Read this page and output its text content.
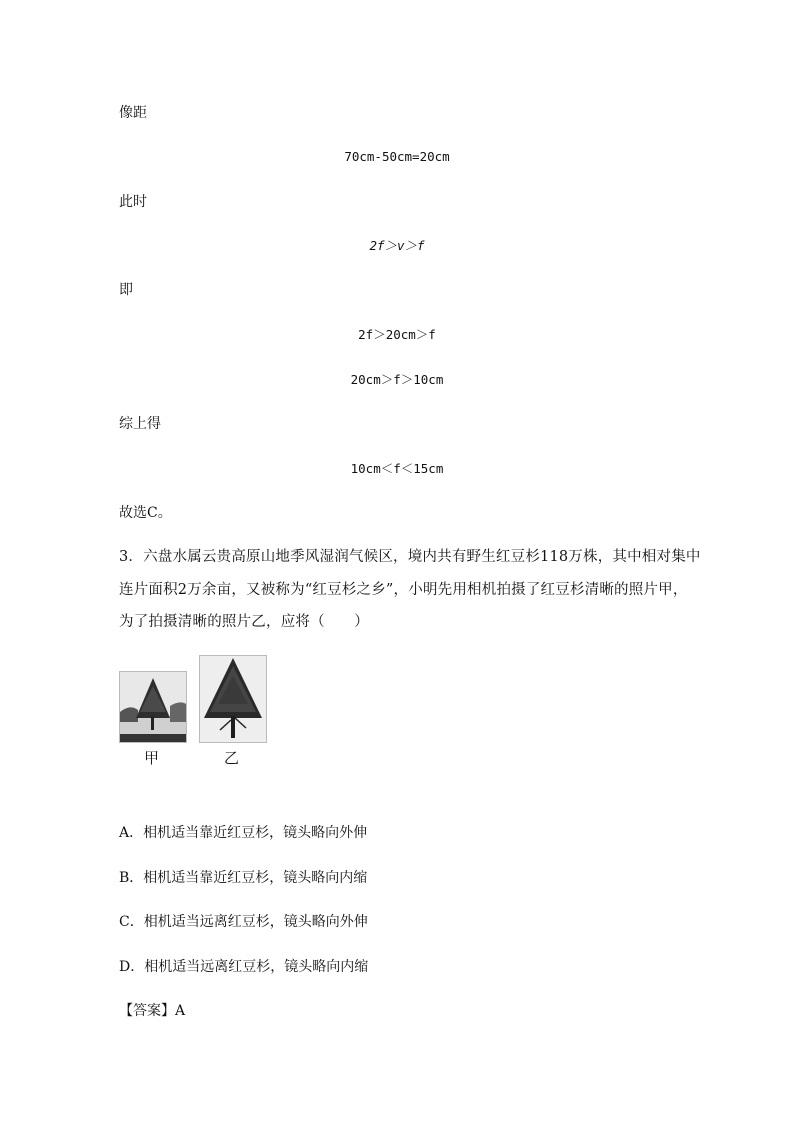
像距
70cm-50cm=20cm
此时
2f＞v＞f
即
2f＞20cm＞f
20cm＞f＞10cm
综上得
10cm＜f＜15cm
故选C。
3．六盘水属云贵高原山地季风湿润气候区，境内共有野生红豆杉118万株，其中相对集中
连片面积2万余亩，又被称为“红豆杉之乡”，小明先用相机拍摄了红豆杉清晰的照片甲，
为了拍摄清晰的照片乙，应将（　　）
甲	乙
A．相机适当靠近红豆杉，镜头略向外伸
B．相机适当靠近红豆杉，镜头略向内缩
C．相机适当远离红豆杉，镜头略向外伸
D．相机适当远离红豆杉，镜头略向内缩
【答案】A
